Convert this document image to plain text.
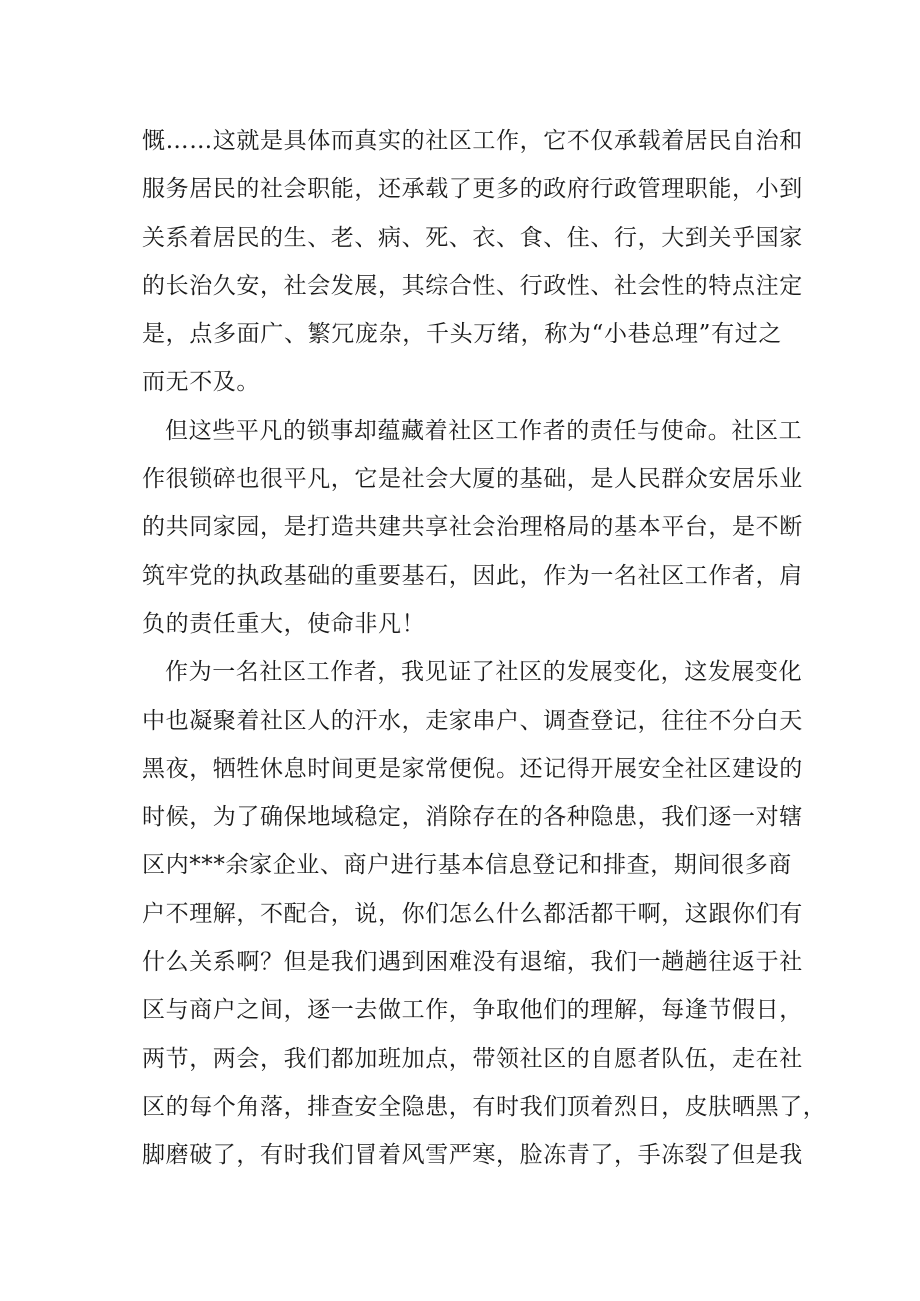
慨……这就是具体而真实的社区工作，它不仅承载着居民自治和
服务居民的社会职能，还承载了更多的政府行政管理职能，小到
关系着居民的生、老、病、死、衣、食、住、行，大到关乎国家
的长治久安，社会发展，其综合性、行政性、社会性的特点注定
是，点多面广、繁冗庞杂，千头万绪，称为“小巷总理”有过之
而无不及。
但这些平凡的锁事却蕴藏着社区工作者的责任与使命。社区工
作很锁碎也很平凡，它是社会大厦的基础，是人民群众安居乐业
的共同家园，是打造共建共享社会治理格局的基本平台，是不断
筑牢党的执政基础的重要基石，因此，作为一名社区工作者，肩
负的责任重大，使命非凡！
作为一名社区工作者，我见证了社区的发展变化，这发展变化
中也凝聚着社区人的汗水，走家串户、调查登记，往往不分白天
黑夜，牺牲休息时间更是家常便倪。还记得开展安全社区建设的
时候，为了确保地域稳定，消除存在的各种隐患，我们逐一对辖
区内***余家企业、商户进行基本信息登记和排查，期间很多商
户不理解，不配合，说，你们怎么什么都活都干啊，这跟你们有
什么关系啊？但是我们遇到困难没有退缩，我们一趟趟往返于社
区与商户之间，逐一去做工作，争取他们的理解，每逢节假日，
两节，两会，我们都加班加点，带领社区的自愿者队伍，走在社
区的每个角落，排查安全隐患，有时我们顶着烈日，皮肤晒黑了，
脚磨破了，有时我们冒着风雪严寒，脸冻青了，手冻裂了但是我
